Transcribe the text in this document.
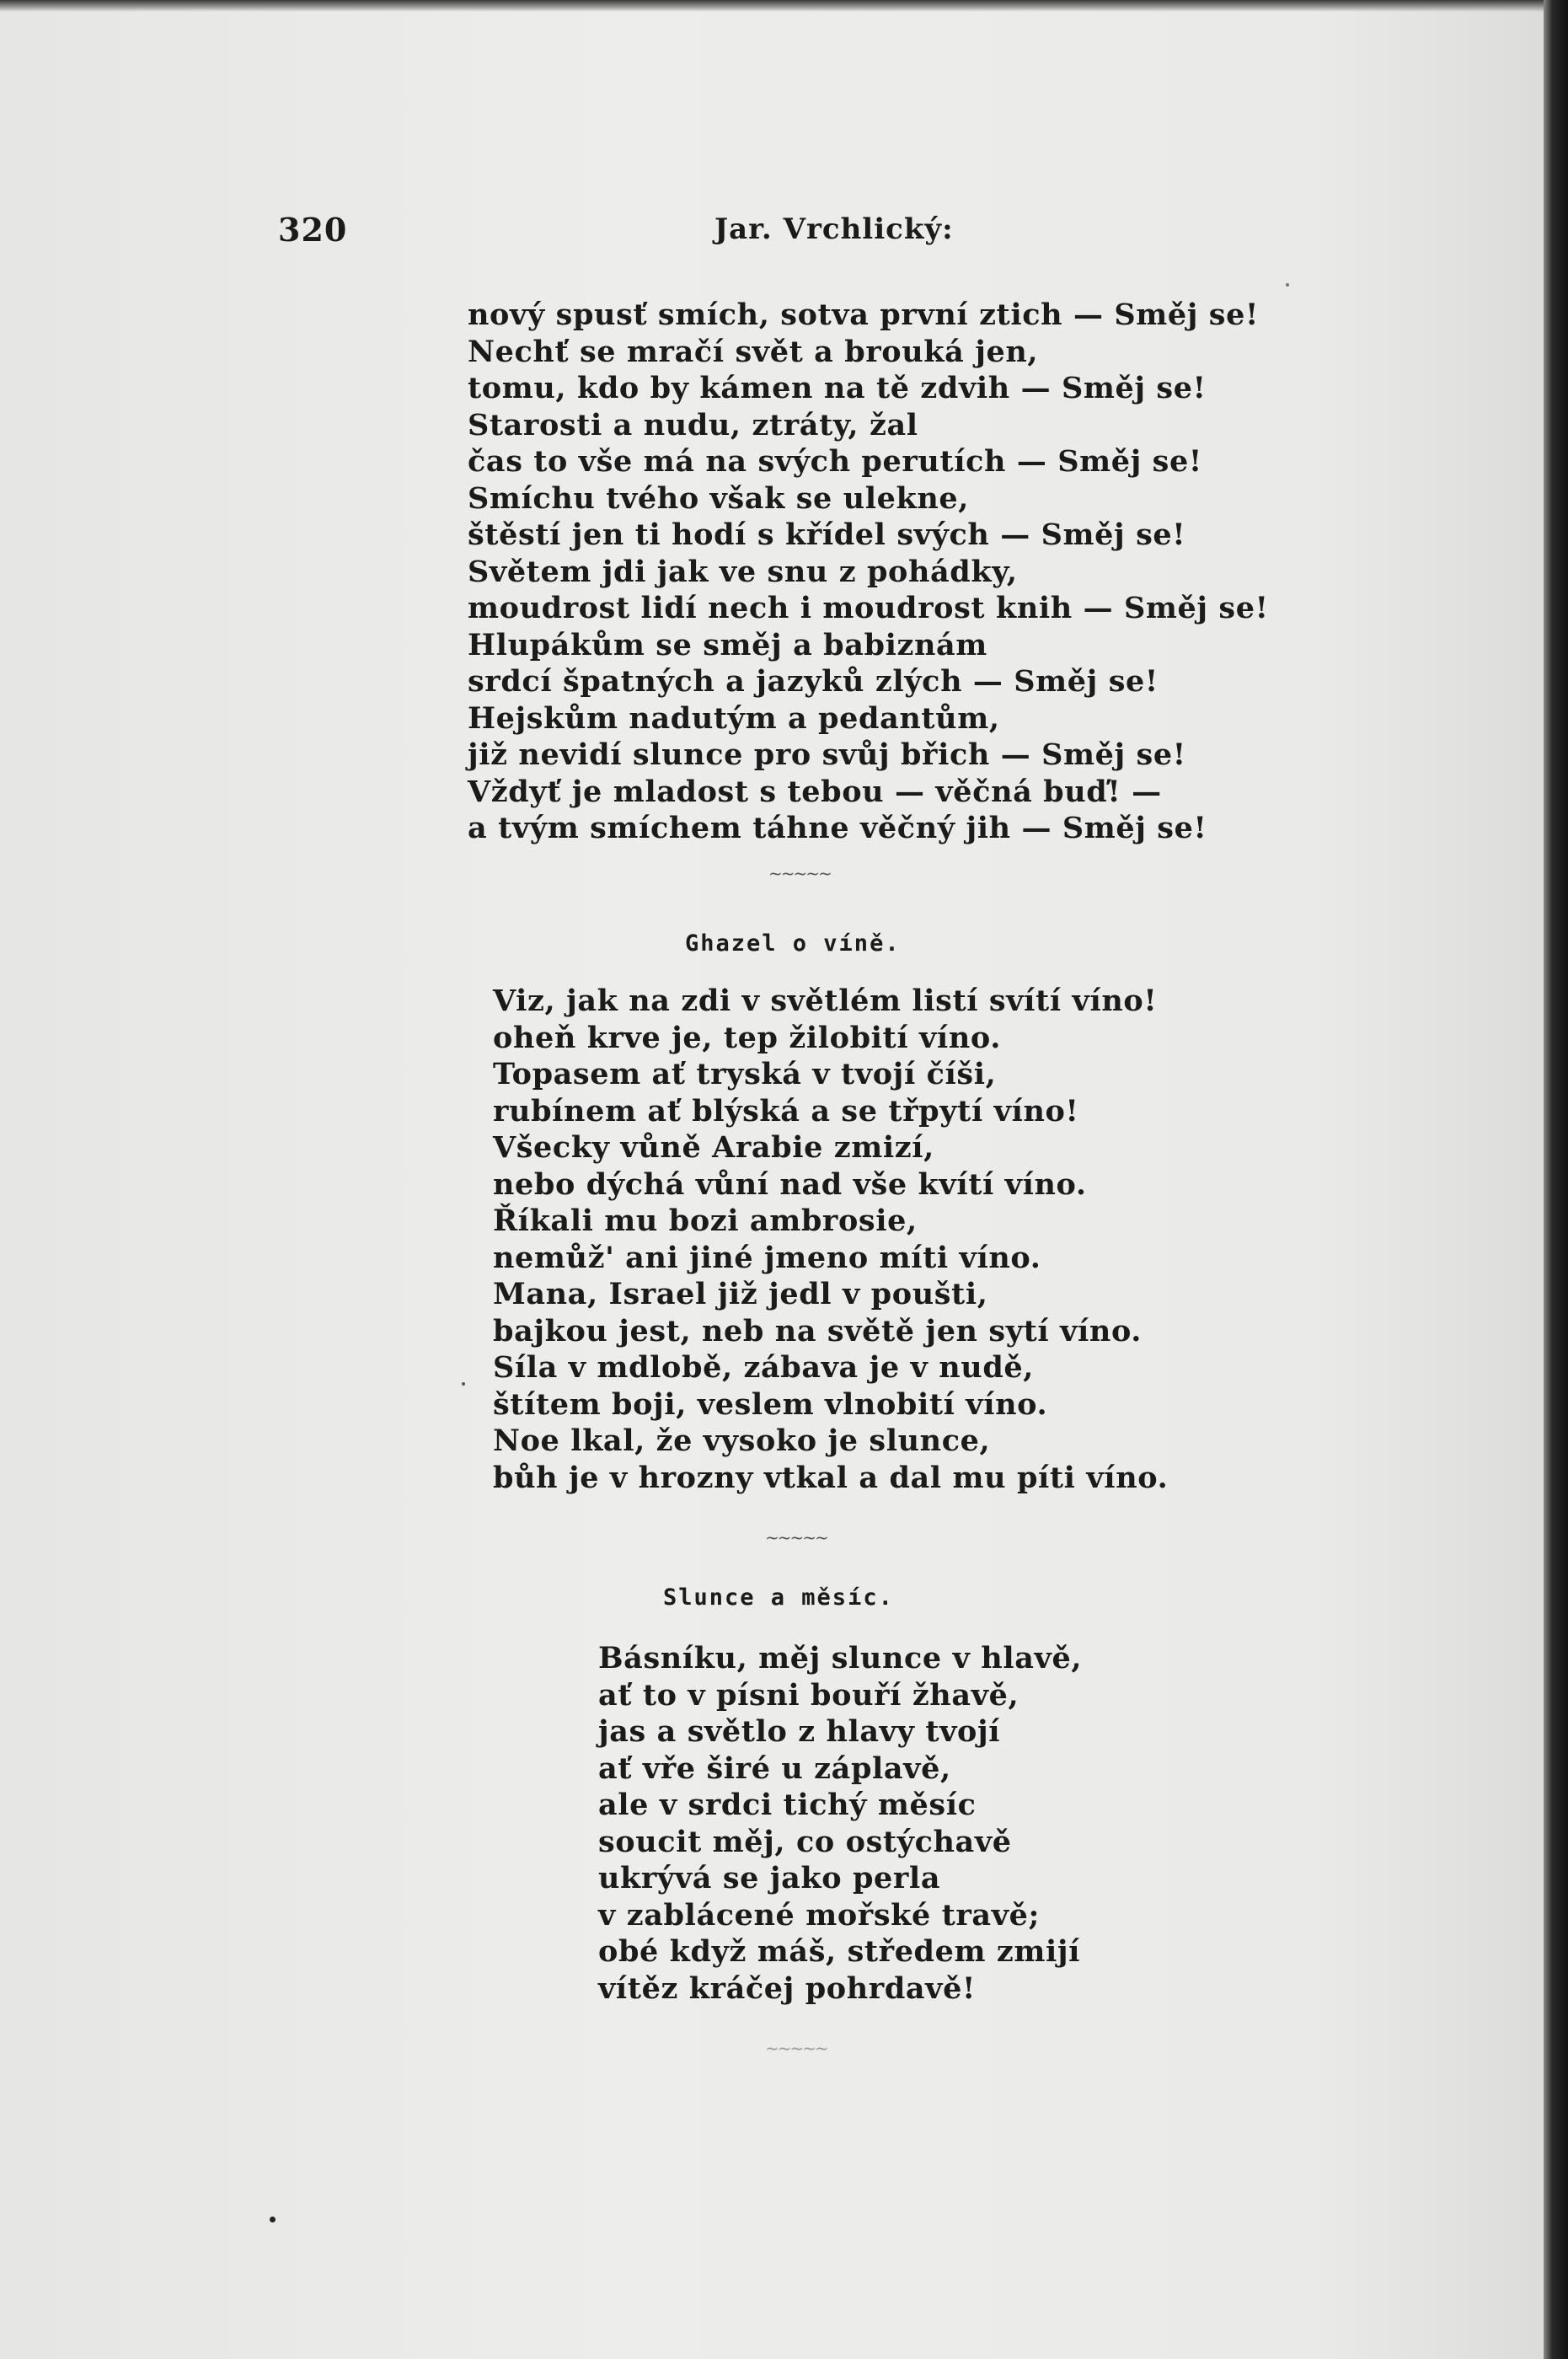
320	Jar. Vrchlický:
nový spusť smích, sotva první ztich — Směj se!
Nechť se mračí svět a brouká jen,
tomu, kdo by kámen na tě zdvih — Směj se!
Starosti a nudu, ztráty, žal
čas to vše má na svých perutích — Směj se!
Smíchu tvého však se ulekne,
štěstí jen ti hodí s křídel svých — Směj se!
Světem jdi jak ve snu z pohádky,
moudrost lidí nech i moudrost knih — Směj se!
Hlupákům se směj a babiznám
srdcí špatných a jazyků zlých — Směj se!
Hejskům nadutým a pedantům,
již nevidí slunce pro svůj břich — Směj se!
Vždyť je mladost s tebou — věčná buď! —
a tvým smíchem táhne věčný jih — Směj se!
~~~~~
Ghazel o víně.
Viz, jak na zdi v světlém listí svítí víno!
oheň krve je, tep žilobití víno.
Topasem ať tryská v tvojí číši,
rubínem ať blýská a se třpytí víno!
Všecky vůně Arabie zmizí,
nebo dýchá vůní nad vše kvítí víno.
Říkali mu bozi ambrosie,
nemůž' ani jiné jmeno míti víno.
Mana, Israel již jedl v poušti,
bajkou jest, neb na světě jen sytí víno.
Síla v mdlobě, zábava je v nudě,
štítem boji, veslem vlnobití víno.
Noe lkal, že vysoko je slunce,
bůh je v hrozny vtkal a dal mu píti víno.
~~~~~
Slunce a měsíc.
Básníku, měj slunce v hlavě,
ať to v písni bouří žhavě,
jas a světlo z hlavy tvojí
ať vře širé u záplavě,
ale v srdci tichý měsíc
soucit měj, co ostýchavě
ukrývá se jako perla
v zablácené mořské travě;
obé když máš, středem zmijí
vítěz kráčej pohrdavě!
~~~~~
